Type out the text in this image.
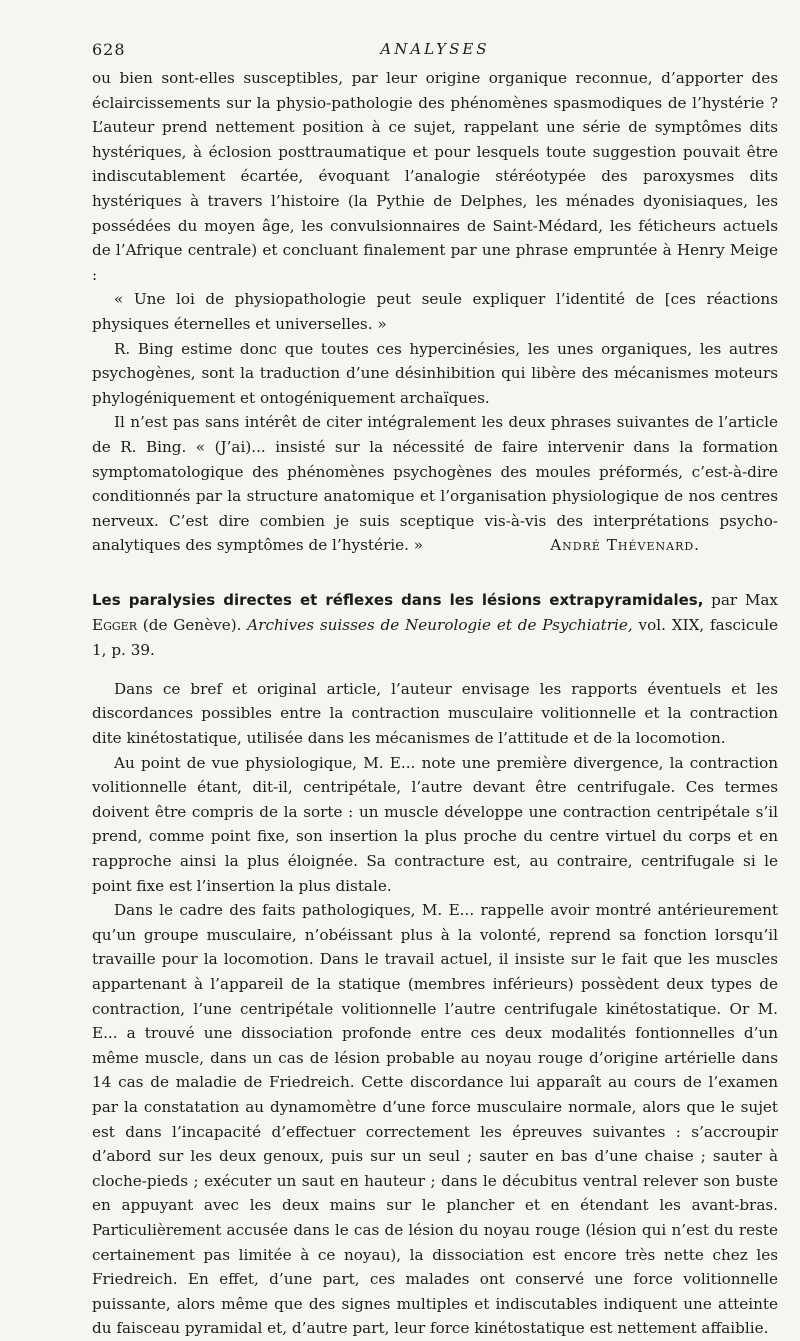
628	ANALYSES

ou bien sont-elles susceptibles, par leur origine organique reconnue, d’apporter des éclaircissements sur la physio-pathologie des phénomènes spasmodiques de l’hystérie ? L’auteur prend nettement position à ce sujet, rappelant une série de symptômes dits hystériques, à éclosion posttraumatique et pour lesquels toute suggestion pouvait être indiscutablement écartée, évoquant l’analogie stéréotypée des paroxysmes dits hystériques à travers l’histoire (la Pythie de Delphes, les ménades dyonisiaques, les possédées du moyen âge, les convulsionnaires de Saint-Médard, les féticheurs actuels de l’Afrique centrale) et concluant finalement par une phrase empruntée à Henry Meige :

« Une loi de physiopathologie peut seule expliquer l’identité de [ces réactions physiques éternelles et universelles. »

R. Bing estime donc que toutes ces hypercinésies, les unes organiques, les autres psychogènes, sont la traduction d’une désinhibition qui libère des mécanismes moteurs phylogéniquement et ontogéniquement archaïques.

Il n’est pas sans intérêt de citer intégralement les deux phrases suivantes de l’article de R. Bing. « (J’ai)... insisté sur la nécessité de faire intervenir dans la formation symptomatologique des phénomènes psychogènes des moules préformés, c’est-à-dire conditionnés par la structure anatomique et l’organisation physiologique de nos centres nerveux. C’est dire combien je suis sceptique vis-à-vis des interprétations psycho-analytiques des symptômes de l’hystérie. »	André Thévenard.

Les paralysies directes et réflexes dans les lésions extrapyramidales, par Max Egger (de Genève). Archives suisses de Neurologie et de Psychiatrie, vol. XIX, fascicule 1, p. 39.

Dans ce bref et original article, l’auteur envisage les rapports éventuels et les discordances possibles entre la contraction musculaire volitionnelle et la contraction dite kinétostatique, utilisée dans les mécanismes de l’attitude et de la locomotion.

Au point de vue physiologique, M. E... note une première divergence, la contraction volitionnelle étant, dit-il, centripétale, l’autre devant être centrifugale. Ces termes doivent être compris de la sorte : un muscle développe une contraction centripétale s’il prend, comme point fixe, son insertion la plus proche du centre virtuel du corps et en rapproche ainsi la plus éloignée. Sa contracture est, au contraire, centrifugale si le point fixe est l’insertion la plus distale.

Dans le cadre des faits pathologiques, M. E... rappelle avoir montré antérieurement qu’un groupe musculaire, n’obéissant plus à la volonté, reprend sa fonction lorsqu’il travaille pour la locomotion. Dans le travail actuel, il insiste sur le fait que les muscles appartenant à l’appareil de la statique (membres inférieurs) possèdent deux types de contraction, l’une centripétale volitionnelle l’autre centrifugale kinétostatique. Or M. E... a trouvé une dissociation profonde entre ces deux modalités fontionnelles d’un même muscle, dans un cas de lésion probable au noyau rouge d’origine artérielle dans 14 cas de maladie de Friedreich. Cette discordance lui apparaît au cours de l’examen par la constatation au dynamomètre d’une force musculaire normale, alors que le sujet est dans l’incapacité d’effectuer correctement les épreuves suivantes : s’accroupir d’abord sur les deux genoux, puis sur un seul ; sauter en bas d’une chaise ; sauter à cloche-pieds ; exécuter un saut en hauteur ; dans le décubitus ventral relever son buste en appuyant avec les deux mains sur le plancher et en étendant les avant-bras. Particulièrement accusée dans le cas de lésion du noyau rouge (lésion qui n’est du reste certainement pas limitée à ce noyau), la dissociation est encore très nette chez les Friedreich. En effet, d’une part, ces malades ont conservé une force volitionnelle puissante, alors même que des signes multiples et indiscutables indiquent une atteinte du faisceau pyramidal et, d’autre part, leur force kinétostatique est nettement affaiblie.
